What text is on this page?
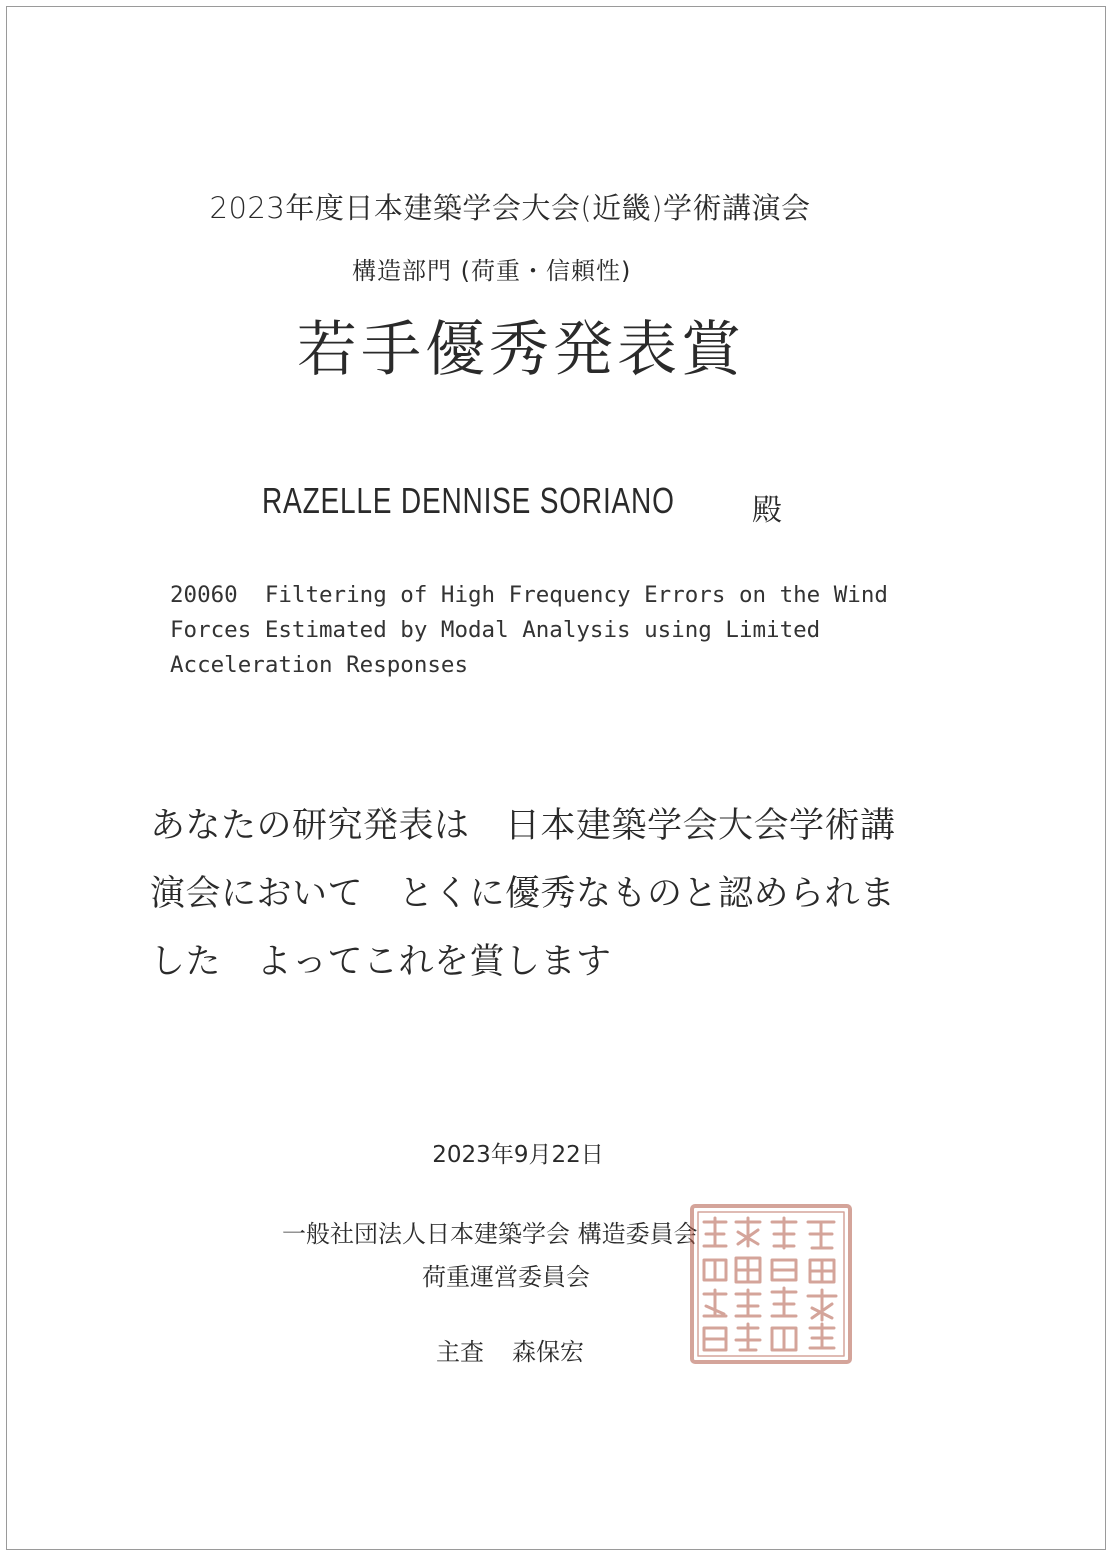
2023年度日本建築学会大会(近畿)学術講演会
構造部門 (荷重・信頼性)
若手優秀発表賞
RAZELLE DENNISE SORIANO	殿
20060  Filtering of High Frequency Errors on the Wind
Forces Estimated by Modal Analysis using Limited
Acceleration Responses
あなたの研究発表は　日本建築学会大会学術講
演会において　とくに優秀なものと認められま
した　よってこれを賞します
2023年9月22日
一般社団法人日本建築学会 構造委員会
荷重運営委員会
主査 森保宏
